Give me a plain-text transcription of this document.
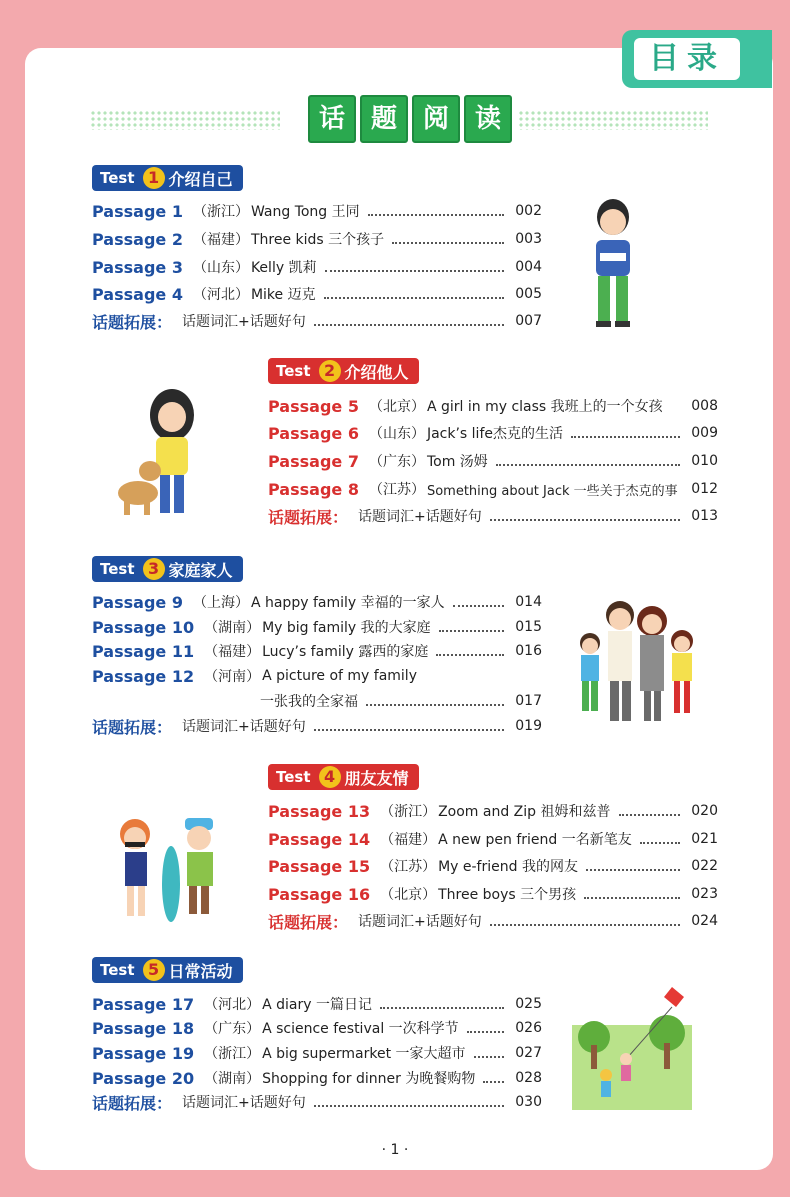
目录
话 题 阅 读
Test 1 介绍自己
Passage 1 （浙江） Wang Tong 王同	002
Passage 2 （福建） Three kids 三个孩子	003
Passage 3 （山东） Kelly 凯莉	004
Passage 4 （河北） Mike 迈克	005
话题拓展： 话题词汇+话题好句	007
Test 2 介绍他人
Passage 5 （北京） A girl in my class 我班上的一个女孩 008
Passage 6 （山东） Jack’s life杰克的生活	009
Passage 7 （广东） Tom 汤姆	010
Passage 8 （江苏） Something about Jack 一些关于杰克的事 012
话题拓展： 话题词汇+话题好句	013
Test 3 家庭家人
Passage 9 （上海） A happy family 幸福的一家人	014
Passage 10 （湖南） My big family 我的大家庭	015
Passage 11 （福建） Lucy’s family 露西的家庭	016
Passage 12 （河南） A picture of my family
一张我的全家福	017
话题拓展： 话题词汇+话题好句	019
Test 4 朋友友情
Passage 13 （浙江） Zoom and Zip 祖姆和兹普	020
Passage 14 （福建） A new pen friend 一名新笔友	021
Passage 15 （江苏） My e-friend 我的网友	022
Passage 16 （北京） Three boys 三个男孩	023
话题拓展： 话题词汇+话题好句	024
Test 5 日常活动
Passage 17 （河北） A diary 一篇日记	025
Passage 18 （广东） A science festival 一次科学节	026
Passage 19 （浙江） A big supermarket 一家大超市	027
Passage 20 （湖南） Shopping for dinner 为晚餐购物	028
话题拓展： 话题词汇+话题好句	030
· 1 ·
